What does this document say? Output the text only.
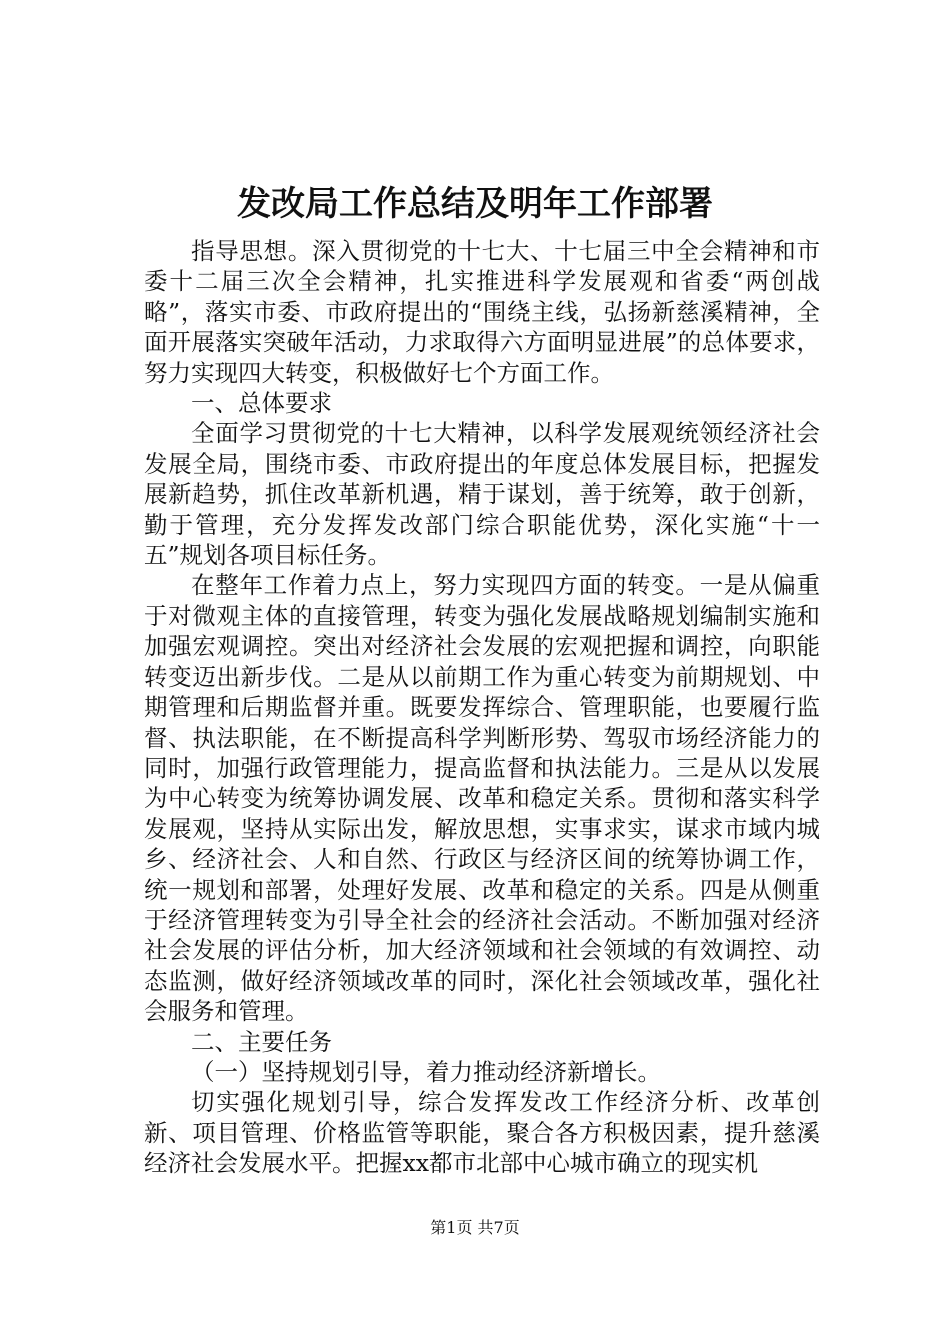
发改局工作总结及明年工作部署

指导思想。深入贯彻党的十七大、十七届三中全会精神和市委十二届三次全会精神，扎实推进科学发展观和省委“两创战略”，落实市委、市政府提出的“围绕主线，弘扬新慈溪精神，全面开展落实突破年活动，力求取得六方面明显进展”的总体要求，努力实现四大转变，积极做好七个方面工作。

一、总体要求

全面学习贯彻党的十七大精神，以科学发展观统领经济社会发展全局，围绕市委、市政府提出的年度总体发展目标，把握发展新趋势，抓住改革新机遇，精于谋划，善于统筹，敢于创新，勤于管理，充分发挥发改部门综合职能优势，深化实施“十一五”规划各项目标任务。

在整年工作着力点上，努力实现四方面的转变。一是从偏重于对微观主体的直接管理，转变为强化发展战略规划编制实施和加强宏观调控。突出对经济社会发展的宏观把握和调控，向职能转变迈出新步伐。二是从以前期工作为重心转变为前期规划、中期管理和后期监督并重。既要发挥综合、管理职能，也要履行监督、执法职能，在不断提高科学判断形势、驾驭市场经济能力的同时，加强行政管理能力，提高监督和执法能力。三是从以发展为中心转变为统筹协调发展、改革和稳定关系。贯彻和落实科学发展观，坚持从实际出发，解放思想，实事求实，谋求市域内城乡、经济社会、人和自然、行政区与经济区间的统筹协调工作，统一规划和部署，处理好发展、改革和稳定的关系。四是从侧重于经济管理转变为引导全社会的经济社会活动。不断加强对经济社会发展的评估分析，加大经济领域和社会领域的有效调控、动态监测，做好经济领域改革的同时，深化社会领域改革，强化社会服务和管理。

二、主要任务

（一）坚持规划引导，着力推动经济新增长。

切实强化规划引导，综合发挥发改工作经济分析、改革创新、项目管理、价格监管等职能，聚合各方积极因素，提升慈溪经济社会发展水平。把握xx都市北部中心城市确立的现实机

第1页 共7页
